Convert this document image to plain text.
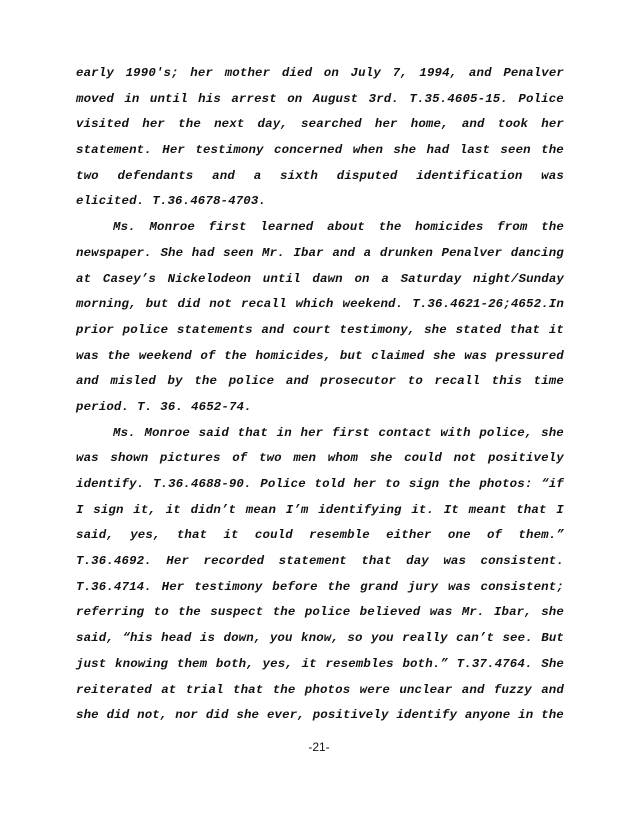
early 1990's; her mother died on July 7, 1994, and Penalver
moved in until his arrest on August 3rd. T.35.4605-15. Police
visited her the next day, searched her home, and took her
statement. Her testimony concerned when she had last seen the
two defendants and a sixth disputed identification was
elicited. T.36.4678-4703.
Ms. Monroe first learned about the homicides from the
newspaper. She had seen Mr. Ibar and a drunken Penalver dancing
at Casey’s Nickelodeon until dawn on a Saturday night/Sunday
morning, but did not recall which weekend. T.36.4621-26;4652.In
prior police statements and court testimony, she stated that it
was the weekend of the homicides, but claimed she was pressured
and misled by the police and prosecutor to recall this time
period. T. 36. 4652-74.
Ms. Monroe said that in her first contact with police, she
was shown pictures of two men whom she could not positively
identify. T.36.4688-90. Police told her to sign the photos: “if
I sign it, it didn’t mean I’m identifying it. It meant that I
said, yes, that it could resemble either one of them.”
T.36.4692. Her recorded statement that day was consistent.
T.36.4714. Her testimony before the grand jury was consistent;
referring to the suspect the police believed was Mr. Ibar, she
said, “his head is down, you know, so you really can’t see. But
just knowing them both, yes, it resembles both.” T.37.4764. She
reiterated at trial that the photos were unclear and fuzzy and
she did not, nor did she ever, positively identify anyone in the
-21-
